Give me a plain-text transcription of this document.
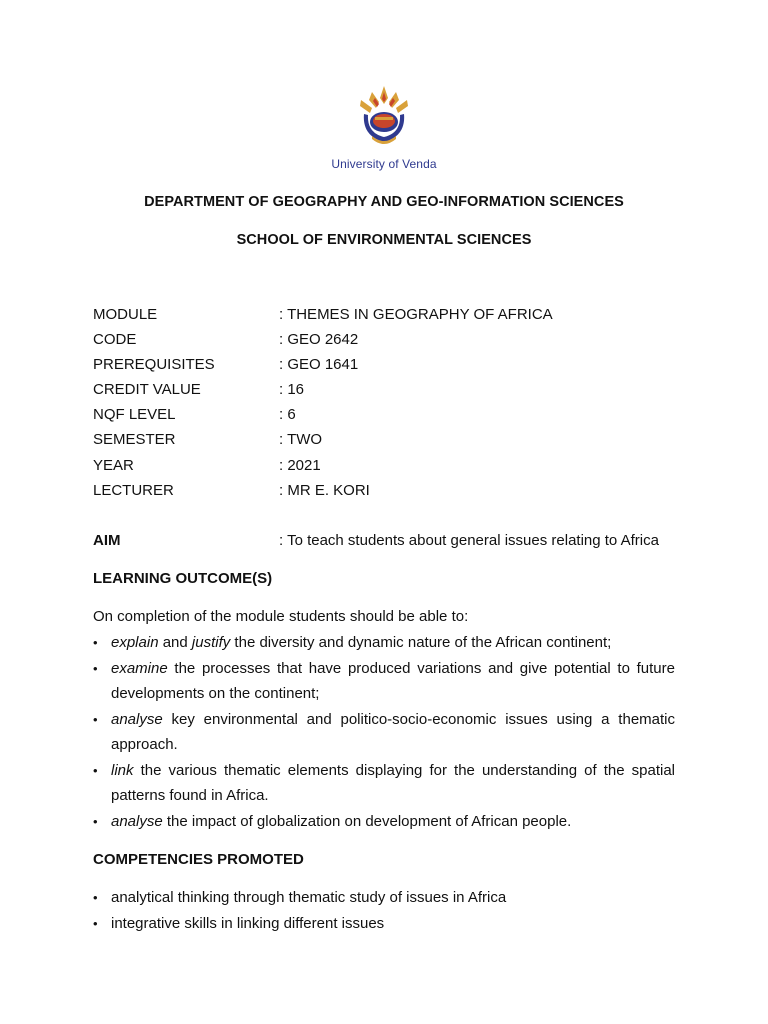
University of Venda
DEPARTMENT OF GEOGRAPHY AND GEO-INFORMATION SCIENCES
SCHOOL OF ENVIRONMENTAL SCIENCES
MODULE	: THEMES IN GEOGRAPHY OF AFRICA
CODE	: GEO 2642
PREREQUISITES	: GEO 1641
CREDIT VALUE	: 16
NQF LEVEL	: 6
SEMESTER	: TWO
YEAR	: 2021
LECTURER	: MR E. KORI
AIM	: To teach students about general issues relating to Africa
LEARNING OUTCOME(S)
On completion of the module students should be able to:
• explain and justify the diversity and dynamic nature of the African continent;
• examine the processes that have produced variations and give potential to future developments on the continent;
• analyse key environmental and politico-socio-economic issues using a thematic approach.
• link the various thematic elements displaying for the understanding of the spatial patterns found in Africa.
• analyse the impact of globalization on development of African people.
COMPETENCIES PROMOTED
• analytical thinking through thematic study of issues in Africa
• integrative skills in linking different issues
